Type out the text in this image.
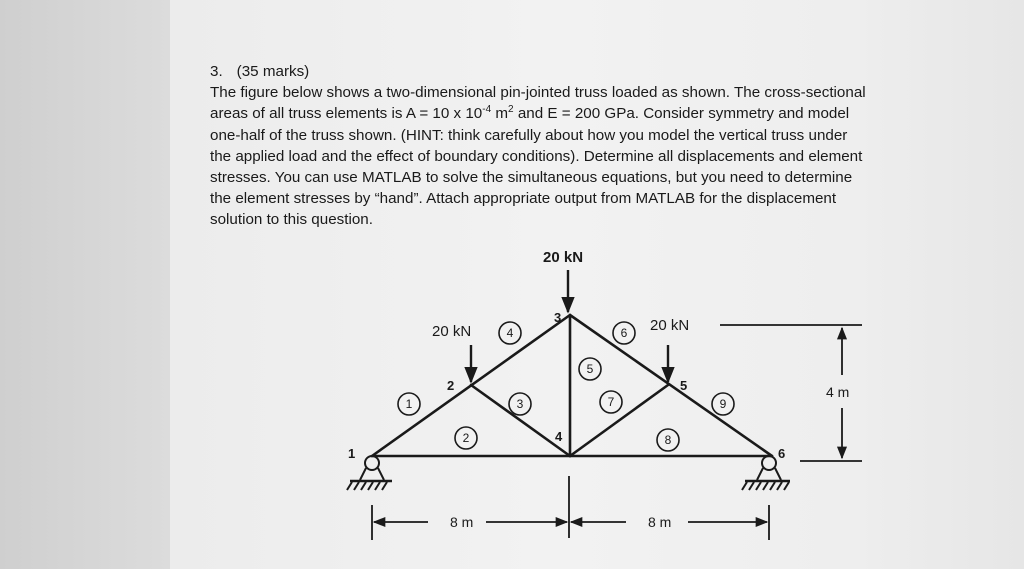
3. (35 marks)
The figure below shows a two-dimensional pin-jointed truss loaded as shown. The cross-sectional
areas of all truss elements is A = 10 x $10^{-4}$ $m^2$ and E = 200 GPa. Consider symmetry and model
one-half of the truss shown. (HINT: think carefully about how you model the vertical truss under
the applied load and the effect of boundary conditions). Determine all displacements and element
stresses. You can use MATLAB to solve the simultaneous equations, but you need to determine
the element stresses by “hand”. Attach appropriate output from MATLAB for the displacement
solution to this question.
20 kN
20 kN	20 kN
1
2
3
4
5
6
1
2
3
4
5
6
7
8
9
8 m	8 m
4 m
